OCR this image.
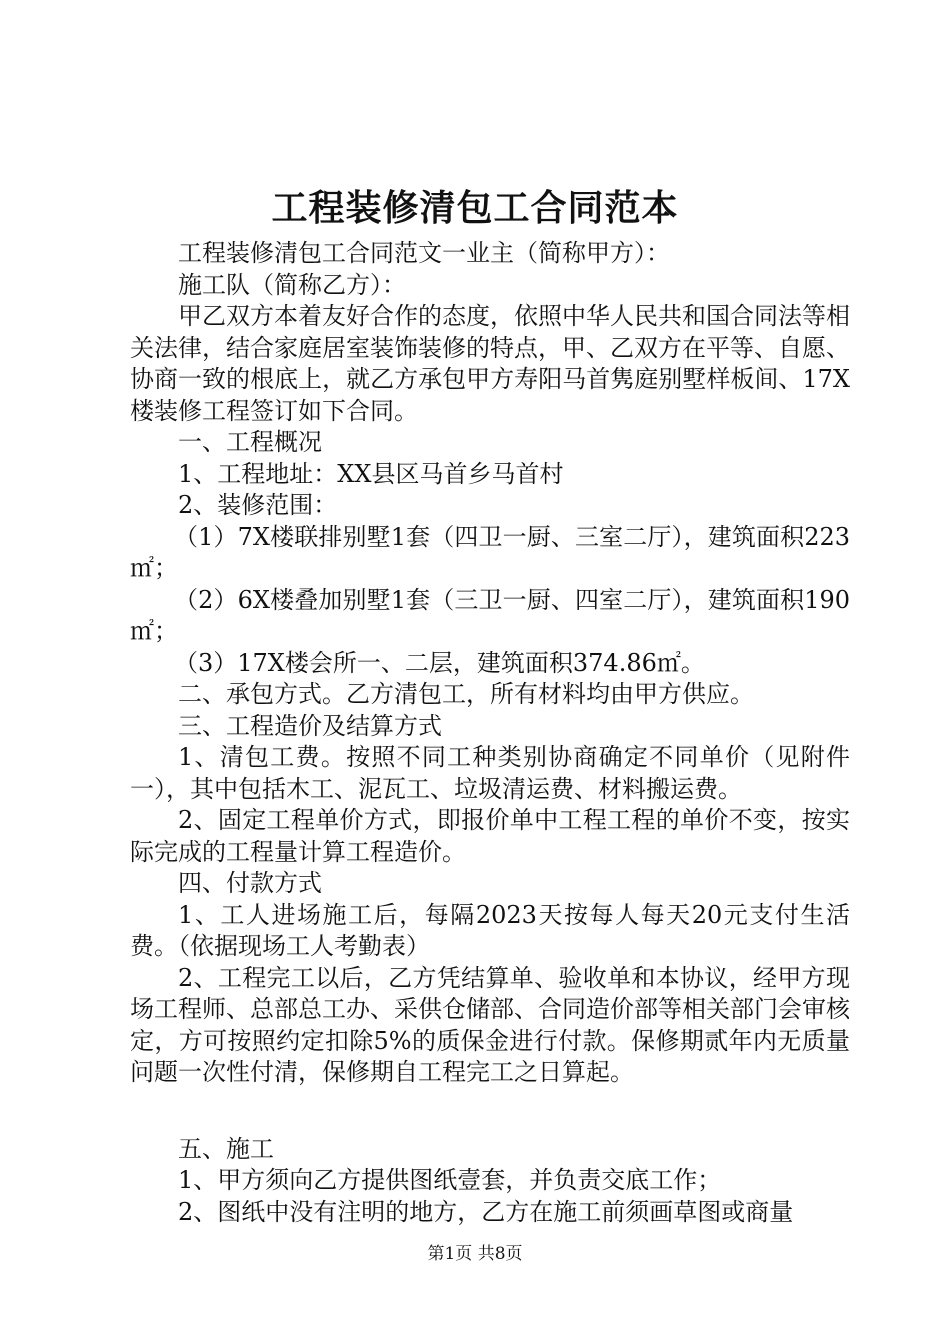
工程装修清包工合同范本

工程装修清包工合同范文一业主（简称甲方）：

施工队（简称乙方）：

甲乙双方本着友好合作的态度，依照中华人民共和国合同法等相关法律，结合家庭居室装饰装修的特点，甲、乙双方在平等、自愿、协商一致的根底上，就乙方承包甲方寿阳马首隽庭别墅样板间、17X楼装修工程签订如下合同。

一、工程概况

1、工程地址：XX县区马首乡马首村

2、装修范围：

（1）7X楼联排别墅1套（四卫一厨、三室二厅），建筑面积223㎡；

（2）6X楼叠加别墅1套（三卫一厨、四室二厅），建筑面积190㎡；

（3）17X楼会所一、二层，建筑面积374.86㎡。

二、承包方式。乙方清包工，所有材料均由甲方供应。

三、工程造价及结算方式

1、清包工费。按照不同工种类别协商确定不同单价（见附件一），其中包括木工、泥瓦工、垃圾清运费、材料搬运费。

2、固定工程单价方式，即报价单中工程工程的单价不变，按实际完成的工程量计算工程造价。

四、付款方式

1、工人进场施工后，每隔2023天按每人每天20元支付生活费。（依据现场工人考勤表）

2、工程完工以后，乙方凭结算单、验收单和本协议，经甲方现场工程师、总部总工办、采供仓储部、合同造价部等相关部门会审核定，方可按照约定扣除5%的质保金进行付款。保修期贰年内无质量问题一次性付清，保修期自工程完工之日算起。

五、施工

1、甲方须向乙方提供图纸壹套，并负责交底工作；

2、图纸中没有注明的地方，乙方在施工前须画草图或商量

第1页 共8页
